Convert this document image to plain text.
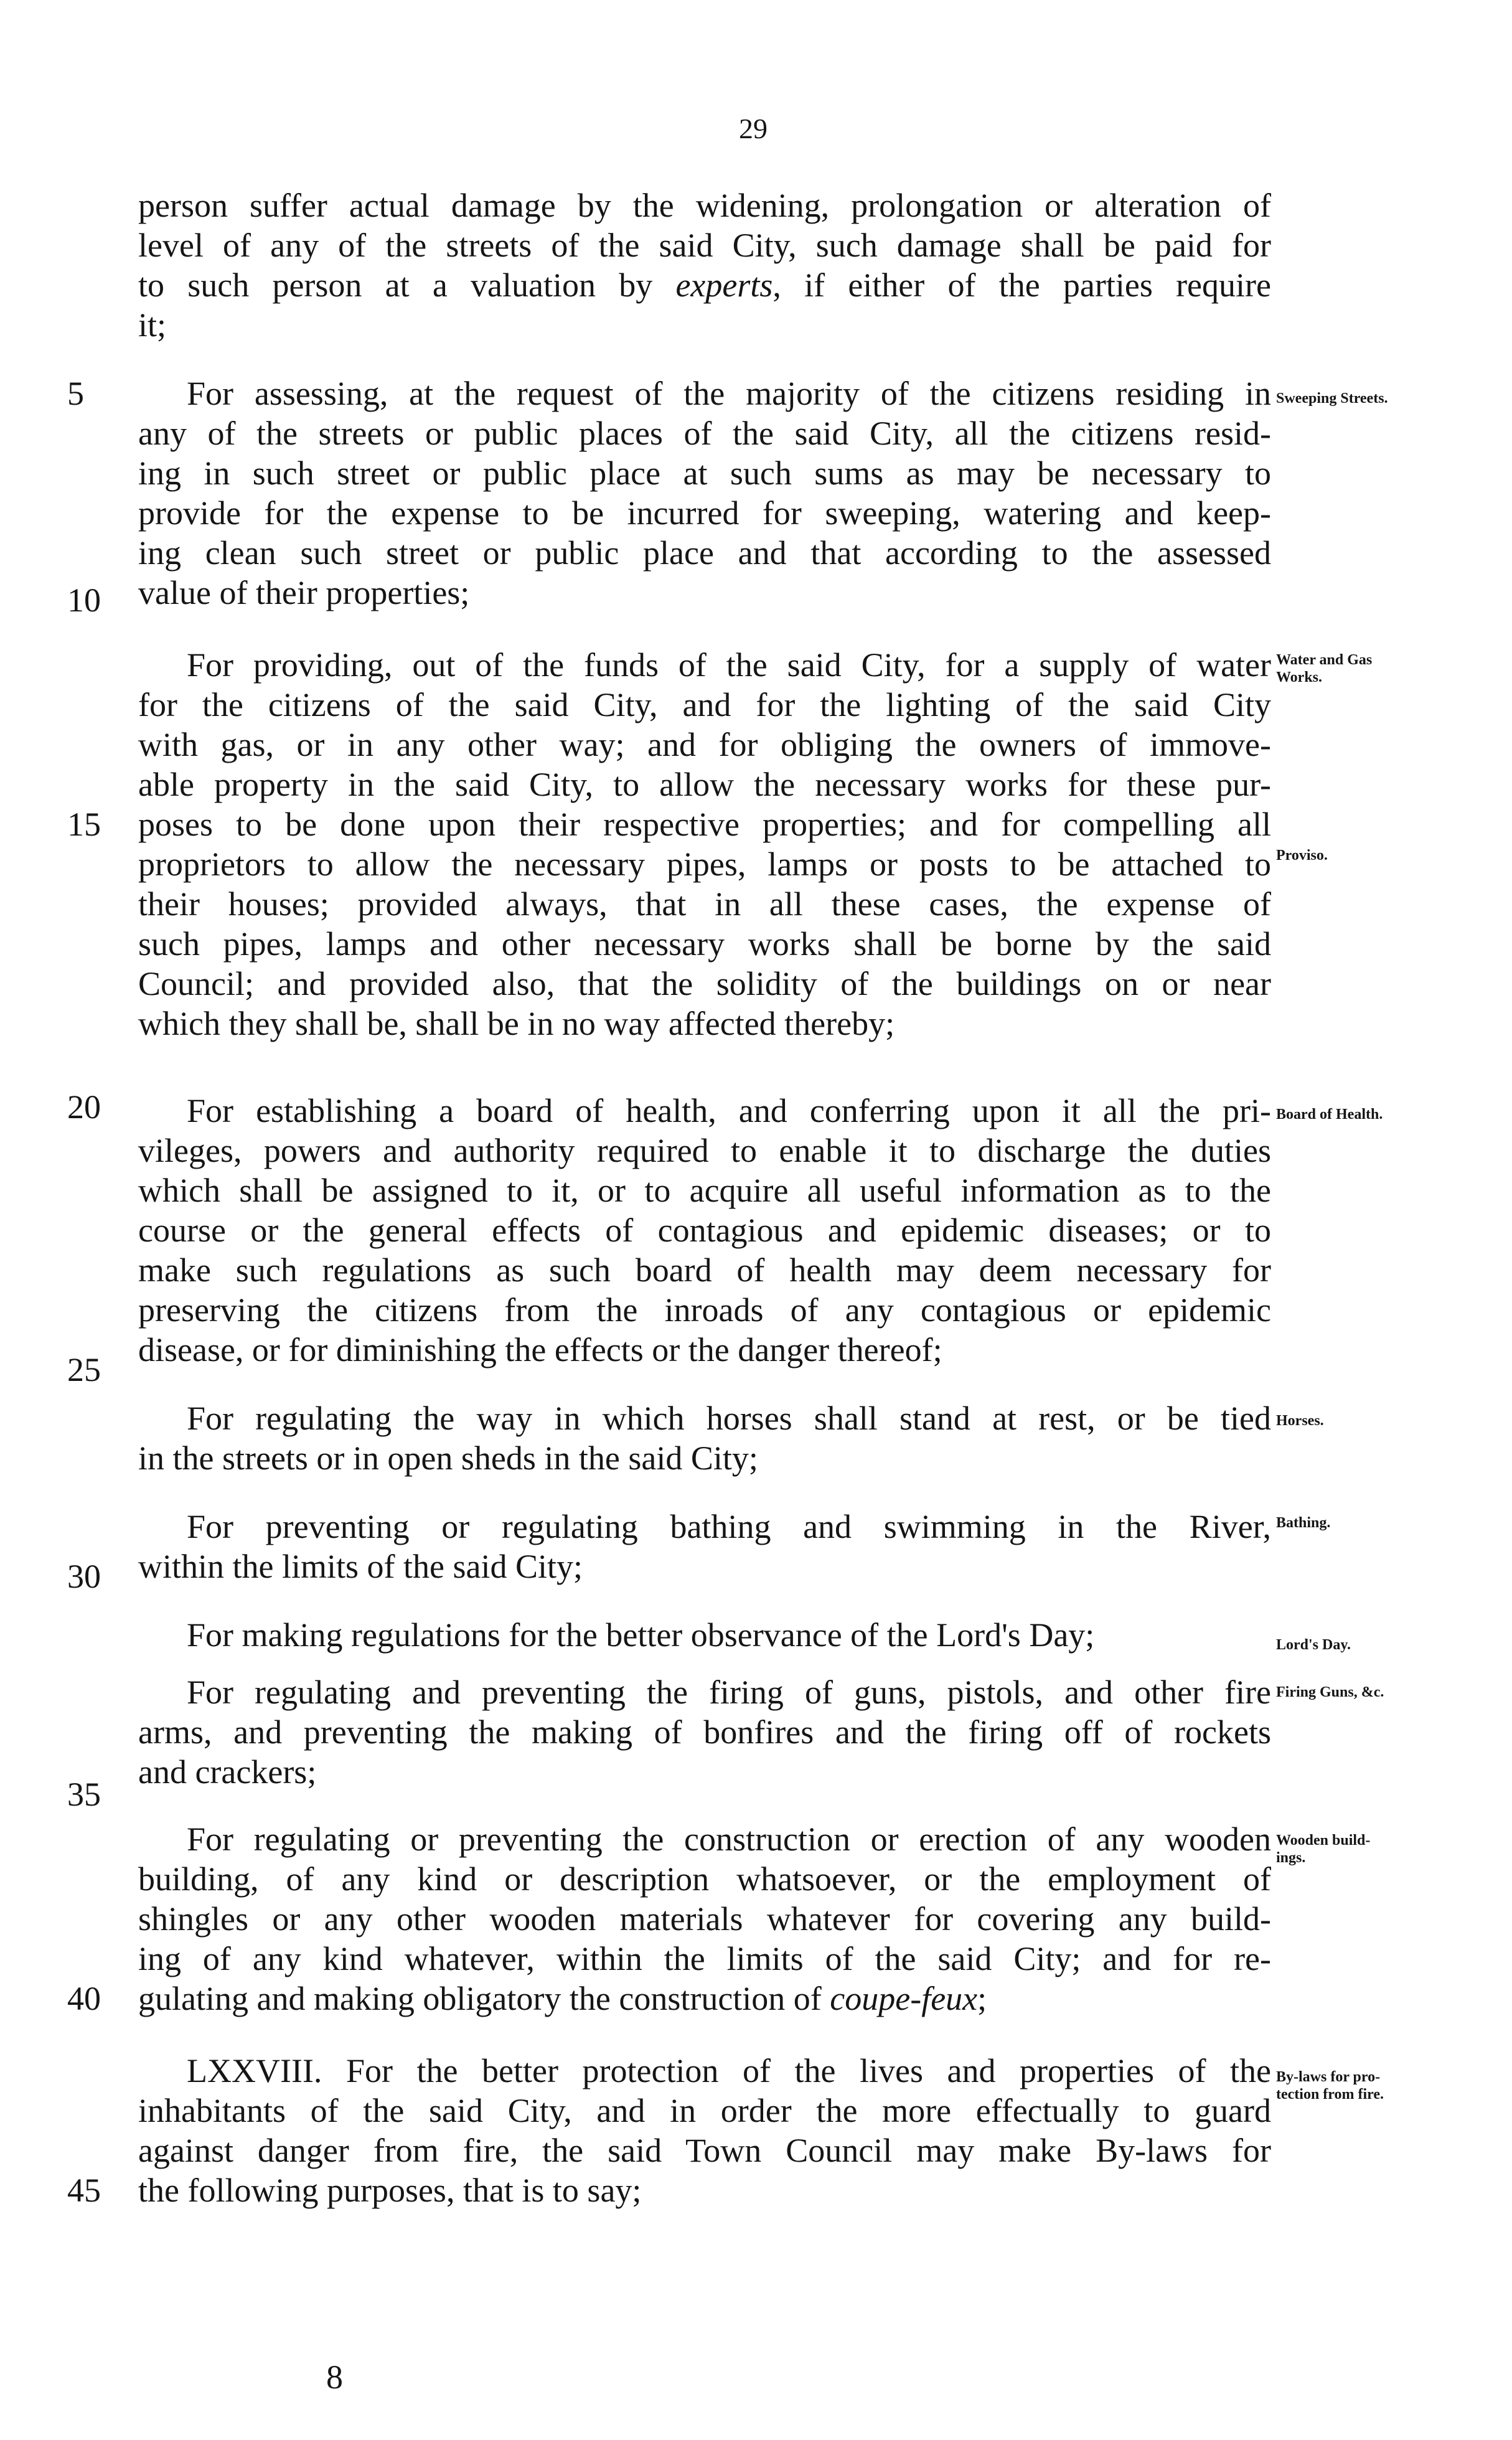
29
person suffer actual damage by the widening, prolongation or alteration of
level of any of the streets of the said City, such damage shall be paid for
to such person at a valuation by experts, if either of the parties require
it;
For assessing, at the request of the majority of the citizens residing in
any of the streets or public places of the said City, all the citizens resid-
ing in such street or public place at such sums as may be necessary to
provide for the expense to be incurred for sweeping, watering and keep-
ing clean such street or public place and that according to the assessed
value of their properties;
For providing, out of the funds of the said City, for a supply of water
for the citizens of the said City, and for the lighting of the said City
with gas, or in any other way; and for obliging the owners of immove-
able property in the said City, to allow the necessary works for these pur-
poses to be done upon their respective properties; and for compelling all
proprietors to allow the necessary pipes, lamps or posts to be attached to
their houses; provided always, that in all these cases, the expense of
such pipes, lamps and other necessary works shall be borne by the said
Council; and provided also, that the solidity of the buildings on or near
which they shall be, shall be in no way affected thereby;
For establishing a board of health, and conferring upon it all the pri-
vileges, powers and authority required to enable it to discharge the duties
which shall be assigned to it, or to acquire all useful information as to the
course or the general effects of contagious and epidemic diseases; or to
make such regulations as such board of health may deem necessary for
preserving the citizens from the inroads of any contagious or epidemic
disease, or for diminishing the effects or the danger thereof;
For regulating the way in which horses shall stand at rest, or be tied
in the streets or in open sheds in the said City;
For preventing or regulating bathing and swimming in the River,
within the limits of the said City;
For making regulations for the better observance of the Lord's Day;
For regulating and preventing the firing of guns, pistols, and other fire
arms, and preventing the making of bonfires and the firing off of rockets
and crackers;
For regulating or preventing the construction or erection of any wooden
building, of any kind or description whatsoever, or the employment of
shingles or any other wooden materials whatever for covering any build-
ing of any kind whatever, within the limits of the said City; and for re-
gulating and making obligatory the construction of coupe-feux;
LXXVIII. For the better protection of the lives and properties of the
inhabitants of the said City, and in order the more effectually to guard
against danger from fire, the said Town Council may make By-laws for
the following purposes, that is to say;
5
10
15
20
25
30
35
40
45
Sweeping Streets.
Water and Gas
Works.
Proviso.
Board of Health.
Horses.
Bathing.
Lord's Day.
Firing Guns, &c.
Wooden build-
ings.
By-laws for pro-
tection from fire.
8
